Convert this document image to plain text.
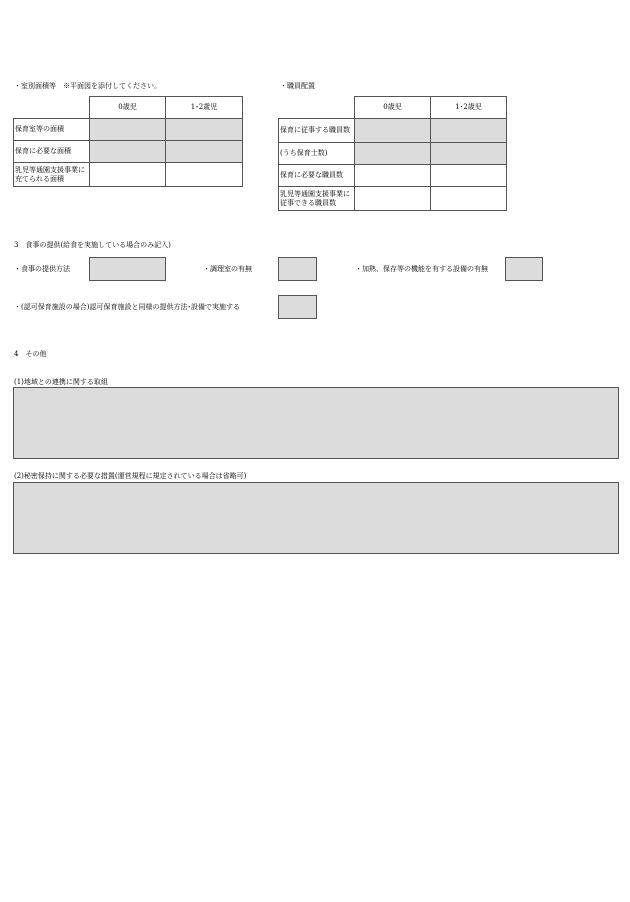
・室別面積等　※平面図を添付してください。
	0歳児	1･2歳児
保育室等の面積		
保育に必要な面積		
乳児等通園支援事業に充てられる面積		
・職員配置
	0歳児	1･2歳児
保育に従事する職員数		
(うち保育士数)		
保育に必要な職員数		
乳児等通園支援事業に従事できる職員数		
3　食事の提供(給食を実施している場合のみ記入)
・食事の提供方法	・調理室の有無	・加熱、保存等の機能を有する設備の有無
・(認可保育施設の場合)認可保育施設と同様の提供方法･設備で実施する
4　その他
(1)地域との連携に関する取組
(2)秘密保持に関する必要な措置(運営規程に規定されている場合は省略可)
